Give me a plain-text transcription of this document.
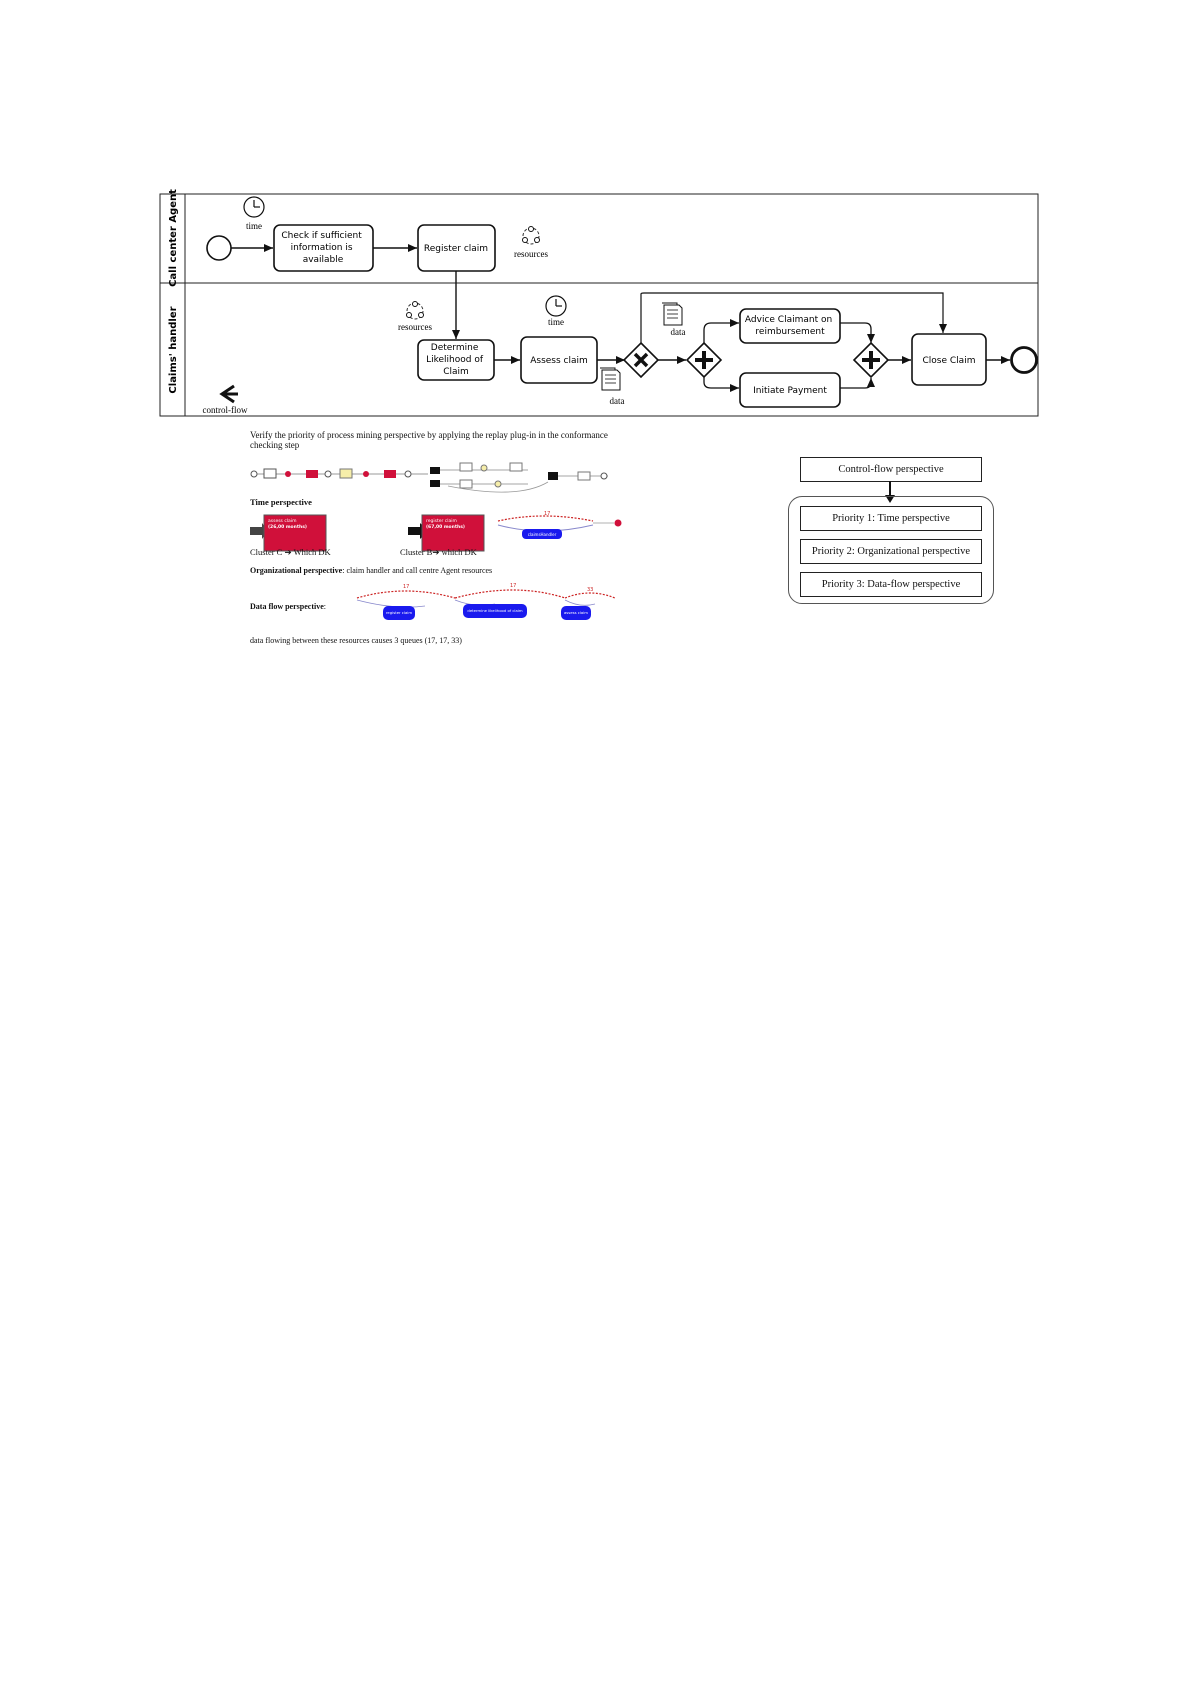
Call center Agent
Claims' handler
time
Check if sufficient information is available
Register claim	resources
resources
Determine Likelihood of Claim
time
Assess claim
data
data
Advice Claimant on reimbursement
Initiate Payment
Close Claim
control-flow
Verify the priority of process mining perspective by applying the replay plug-in in the conformance checking step
Time perspective
assess claim
(26,00 months)
register claim
(67,00 months)
17
claimsHandler
Cluster C ➔ Which DK	Cluster B➔ which DK
Organizational perspective: claim handler and call centre Agent resources
Data flow perspective:
17	17
33
register claim	determine likelihood of claim	assess claim
data flowing between these resources causes 3 queues (17, 17, 33)
Control-flow perspective
Priority 1: Time perspective
Priority 2: Organizational perspective
Priority 3: Data-flow perspective
